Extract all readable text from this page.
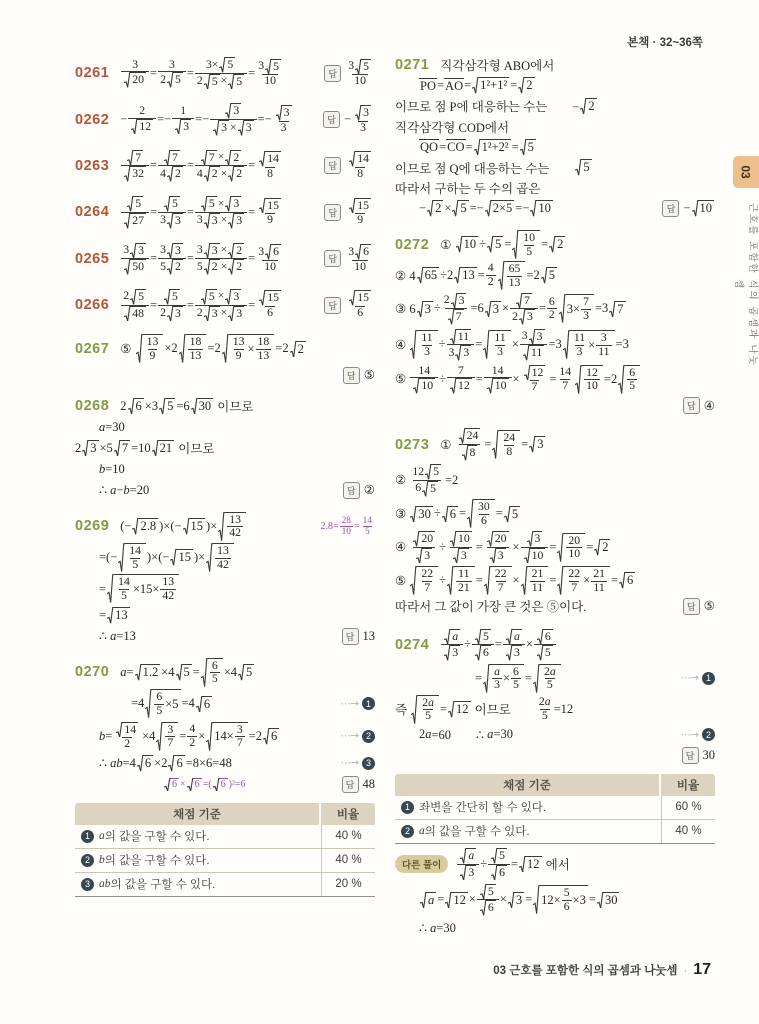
본책 · 32~36쪽
03
근호를 포함한 식의 곱셈과 나눗셈
$0261 \frac{3}{20} = \frac{3}{2 5} = \frac{3\times 5}{2 5 \times 5} = \frac{3 5}{10}$	답
3 5
10
$0262 - \frac{2}{12} =- \frac{1}{3} =- \frac{3}{3 \times 3} =- \frac{3}{3}$	답 − $\frac{3}{3}$
$0263 \frac{7}{32} = \frac{7}{4 2} = \frac{7 \times 2}{4 2 \times 2} = \frac{14}{8}$	답
14
8
$0264 \frac{5}{27} = \frac{5}{3 3} = \frac{5 \times 3}{3 3 \times 3} = \frac{15}{9}$	답
15
9
$0265 \frac{3 3}{50} = \frac{3 3}{5 2} = \frac{3 3 \times 2}{5 2 \times 2} = \frac{3 6}{10}$	답
3 6
10
$0266 \frac{2 5}{48} = \frac{5}{2 3} = \frac{5 \times 3}{2 3 \times 3} = \frac{15}{6}$	답
15
6
0267 ⑤
13
9 ×2 18
$13 =2 \frac{13}{9} \times \frac{18}{13} =2$ 2
답 ⑤
0268 2 6 ×3 5 =6 30 이므로
a =30
2 3 ×5 7 =10 21 이므로
b =10
∴ a − b =20	답 ②
0269 (− 2.8 )×(− 15 )× 13
42	$2.8= \frac{28}{10} = \frac{14}{5}$
=(− 14
5 )×(− 15 )× 13
42
= $\frac{14}{5} \times 15\times \frac{13}{42}$
= 13
∴ a =13	답 13
0270 a = 1.2 ×4 5 = 6
5 ×4 5
$=4 \frac{6}{5} \times 5 =4$ 6	⋯→ 1
$b = \frac{14}{2} \times 4$ 3
$7 = \frac{4}{2} \times 14\times \frac{3}{7} =2$ 6	⋯→ 2
∴ ab =4 6 ×2 6 =8×6=48	⋯→ 3
6 × 6 =( 6 )²=6	답 48
채점 기준	비율
1 a 의 값을 구할 수 있다.	40 %
2 b 의 값을 구할 수 있다.	40 %
3 ab 의 값을 구할 수 있다.	20 %
0271 직각삼각형 ABO에서
PO = AO = 1²+1² = 2
이므로 점 P에 대응하는 수는  − 2
직각삼각형 COD에서
QO = CO = 1²+2² = 5
이므로 점 Q에 대응하는 수는   5
따라서 구하는 두 수의 곱은
− 2 × 5 =− 2×5 =− 10	답 − 10
0272 ① 10 ÷ 5 = 10
5 = 2
② 4 65 ÷2 $13 = \frac{4}{2} 65$
13 =2 5
③ 6 $3 \div \frac{2 3}{7} =6$ $3 \times \frac{7}{2 3} = \frac{6}{2} 3\times \frac{7}{3} =3$ 7
④
11
$3 \div \frac{11}{3 3} = 11$
$3 \times \frac{3 3}{11} =3 \frac{11}{3} \times \frac{3}{11} =3$
⑤ $\frac{14}{10} \div \frac{7}{12} = \frac{14}{10} \times \frac{12}{7} = \frac{14}{7} 12$
10 =2 6
5
답 ④
0273 ① $\frac{24}{8} = 24$
8 = 3
② $\frac{12 5}{6 5} =2$
③ 30 ÷ 6 = 30
6 = 5
④ $\frac{20}{3} \div \frac{10}{3} = \frac{20}{3} \times \frac{3}{10} = 20$
10 = 2
⑤
22
7 ÷ 11
21 = 22
7 × 21
$11 = \frac{22}{7} \times \frac{21}{11} = 6$
따라서 그 값이 가장 큰 것은 ⑤이다.	답 ⑤
$0274 \frac{a}{3} \div \frac{5}{6} = \frac{a}{3} \times \frac{6}{5}$
= $\frac{a}{3} \times \frac{6}{5} = 2$ a
5	⋯→ 1
즉
2 a
5 = 12 이므로   $\frac{2 a}{5} =12$
2 a =60  ∴ a =30	⋯→ 2
답 30
채점 기준	비율
1 좌변을 간단히 할 수 있다.	60 %
2 a 의 값을 구할 수 있다.	40 %
다른 풀이	$\frac{a}{3} \div \frac{5}{6} = 12$ 에서
$a = 12 \times \frac{5}{6} \times 3 = 12\times \frac{5}{6} \times 3 = 30$
∴ a =30
03 근호를 포함한 식의 곱셈과 나눗셈 · 17
